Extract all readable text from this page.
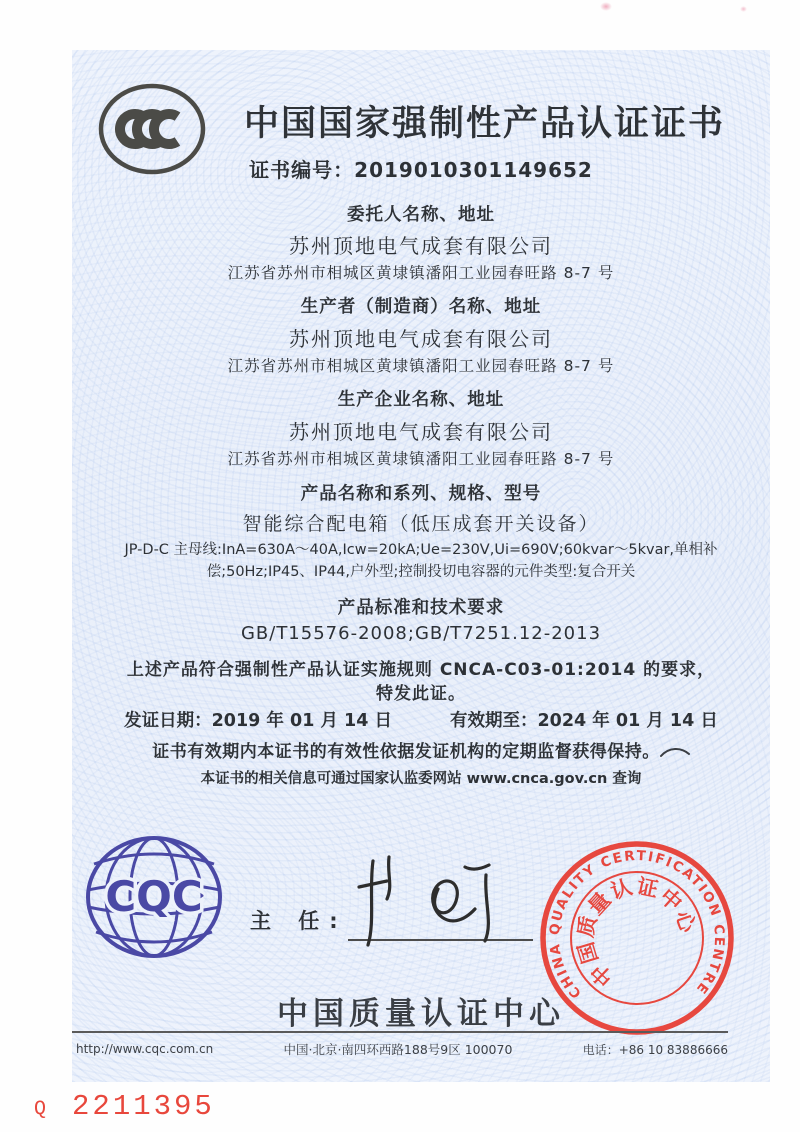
中国国家强制性产品认证证书
证书编号：2019010301149652
委托人名称、地址
苏州顶地电气成套有限公司
江苏省苏州市相城区黄埭镇潘阳工业园春旺路 8-7 号
生产者（制造商）名称、地址
苏州顶地电气成套有限公司
江苏省苏州市相城区黄埭镇潘阳工业园春旺路 8-7 号
生产企业名称、地址
苏州顶地电气成套有限公司
江苏省苏州市相城区黄埭镇潘阳工业园春旺路 8-7 号
产品名称和系列、规格、型号
智能综合配电箱（低压成套开关设备）
JP-D-C 主母线:InA=630A～40A,Icw=20kA;Ue=230V,Ui=690V;60kvar～5kvar,单相补偿;50Hz;IP45、IP44,户外型;控制投切电容器的元件类型:复合开关
产品标准和技术要求
GB/T15576-2008;GB/T7251.12-2013
上述产品符合强制性产品认证实施规则 CNCA-C03-01:2014 的要求，
特发此证。
发证日期：2019 年 01 月 14 日	有效期至：2024 年 01 月 14 日
证书有效期内本证书的有效性依据发证机构的定期监督获得保持。
本证书的相关信息可通过国家认监委网站 www.cnca.gov.cn 查询
CQC 主 任:
CHINA QUALITY CERTIFICATION CENTRE
中国质量认证中心
中国质量认证中心
http://www.cqc.com.cn	中国·北京·南四环西路188号9区 100070	电话：+86 10 83886666
Q 2211395
